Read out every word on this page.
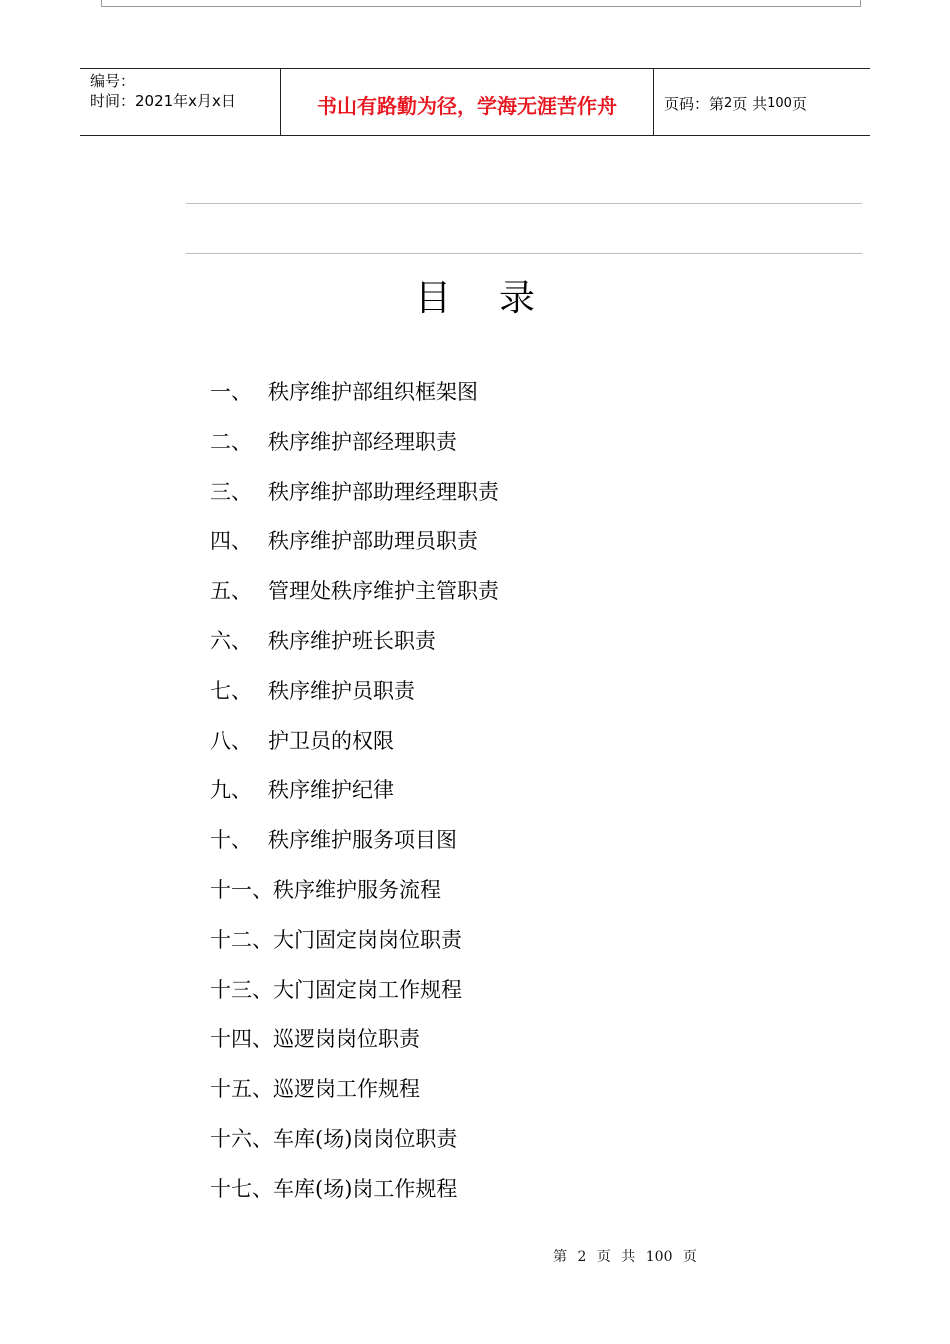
编号：
时间：2021年x月x日	书山有路勤为径，学海无涯苦作舟	页码：第 2 页 共 100 页
目录
一、 秩序维护部组织框架图
二、 秩序维护部经理职责
三、 秩序维护部助理经理职责
四、 秩序维护部助理员职责
五、 管理处秩序维护主管职责
六、 秩序维护班长职责
七、 秩序维护员职责
八、 护卫员的权限
九、 秩序维护纪律
十、 秩序维护服务项目图
十一、 秩序维护服务流程
十二、 大门固定岗岗位职责
十三、 大门固定岗工作规程
十四、 巡逻岗岗位职责
十五、 巡逻岗工作规程
十六、 车库(场)岗岗位职责
十七、 车库(场)岗工作规程
第 2 页 共 100 页
